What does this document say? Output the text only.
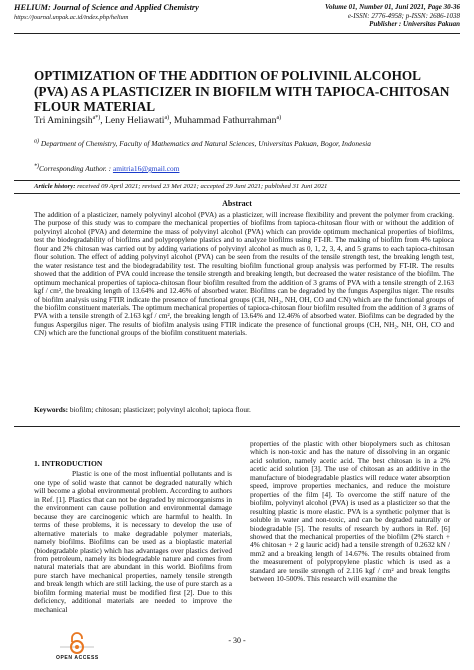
HELIUM: Journal of Science and Applied Chemistry
https://journal.unpak.ac.id/index.php/helium
Volume 01, Number 01, Juni 2021, Page 30-36
e-ISSN: 2776-4958; p-ISSN: 2686-1038
Publisher : Universitas Pakuan
OPTIMIZATION OF THE ADDITION OF POLIVINIL ALCOHOL (PVA) AS A PLASTICIZER IN BIOFILM WITH TAPIOCA-CHITOSAN FLOUR MATERIAL
Tri Aminingsih$^{a*)}$, Leny Heliawati$^{a)}$, Muhammad Fathurrahman$^{a)}$
$^{a)}$ Department of Chemistry, Faculty of Mathematics and Natural Sciences, Universitas Pakuan, Bogor, Indonesia
*)Corresponding Author. : amitria16@gmail.com
Article history: received 09 April 2021; revised 23 Mei 2021; accepted 29 Juni 2021; published 31 Juni 2021
Abstract
The addition of a plasticizer, namely polyvinyl alcohol (PVA) as a plasticizer, will increase flexibility and prevent the polymer from cracking. The purpose of this study was to compare the mechanical properties of biofilms from tapioca-chitosan flour with or without the addition of polyvinyl alcohol (PVA) and determine the mass of polyvinyl alcohol (PVA) which can provide optimum mechanical properties of biofilms, test the biodegradability of biofilms and polypropylene plastics and to analyze biofilms using FT-IR. The making of biofilm from 4% tapioca flour and 2% chitosan was carried out by adding variations of polyvinyl alcohol as much as 0, 1, 2, 3, 4, and 5 grams to each tapioca-chitosan flour solution. The effect of adding polyvinyl alcohol (PVA) can be seen from the results of the tensile strength test, the breaking length test, the water resistance test and the biodegradability test. The resulting biofilm functional group analysis was performed by FT-IR. The results showed that the addition of PVA could increase the tensile strength and breaking length, but decreased the water resistance of the biofilm. The optimum mechanical properties of tapioca-chitosan flour biofilm resulted from the addition of 3 grams of PVA with a tensile strength of 2.163 kgf / cm², the breaking length of 13.64% and 12.46% of absorbed water. Biofilms can be degraded by the fungus Aspergilus niger. The results of biofilm analysis using FTIR indicate the presence of functional groups (CH, NH₂, NH, OH, CO and CN) which are the functional groups of the biofilm constituent materials. The optimum mechanical properties of tapioca-chitosan flour biofilm resulted from the addition of 3 grams of PVA with a tensile strength of 2.163 kgf / cm², the breaking length of 13.64% and 12.46% of absorbed water. Biofilms can be degraded by the fungus Aspergilus niger. The results of biofilm analysis using FTIR indicate the presence of functional groups (CH, NH₂, NH, OH, CO and CN) which are the functional groups of the biofilm constituent materials.
Keywords: biofilm; chitosan; plasticizer; polyvinyl alcohol; tapioca flour.
1. INTRODUCTION
Plastic is one of the most influential pollutants and is one type of solid waste that cannot be degraded naturally which will become a global environmental problem. According to authors in Ref. [1]. Plastics that can not be degraded by microorganisms in the environment can cause pollution and environmental damage because they are carcinogenic which are harmful to health. In terms of these problems, it is necessary to develop the use of alternative materials to make degradable polymer materials, namely biofilms. Biofilms can be used as a bioplastic material (biodegradable plastic) which has advantages over plastics derived from petroleum, namely its biodegradable nature and comes from natural materials that are abundant in this world. Biofilms from pure starch have mechanical properties, namely tensile strength and break length which are still lacking, the use of pure starch as a biofilm forming material must be modified first [2]. Due to this deficiency, additional materials are needed to improve the mechanical
properties of the plastic with other biopolymers such as chitosan which is non-toxic and has the nature of dissolving in an organic acid solution, namely acetic acid. The best chitosan is in a 2% acetic acid solution [3]. The use of chitosan as an additive in the manufacture of biodegradable plastics will reduce water absorption speed, improve properties mechanics, and reduce the moisture properties of the film [4]. To overcome the stiff nature of the biofilm, polyvinyl alcohol (PVA) is used as a plasticizer so that the resulting plastic is more elastic. PVA is a synthetic polymer that is soluble in water and non-toxic, and can be degraded naturally or biodegradable [5]. The results of research by authors in Ref. [6] showed that the mechanical properties of the biofilm (2% starch + 4% chitosan + 2 g lauric acid) had a tensile strength of 0.2632 kN / mm2 and a breaking length of 14.67%. The results obtained from the measurement of polypropylene plastic which is used as a standard are tensile strength of 2.116 kgf / cm² and break lengths between 10-500%. This research will examine the
OPEN ACCESS
- 30 -
